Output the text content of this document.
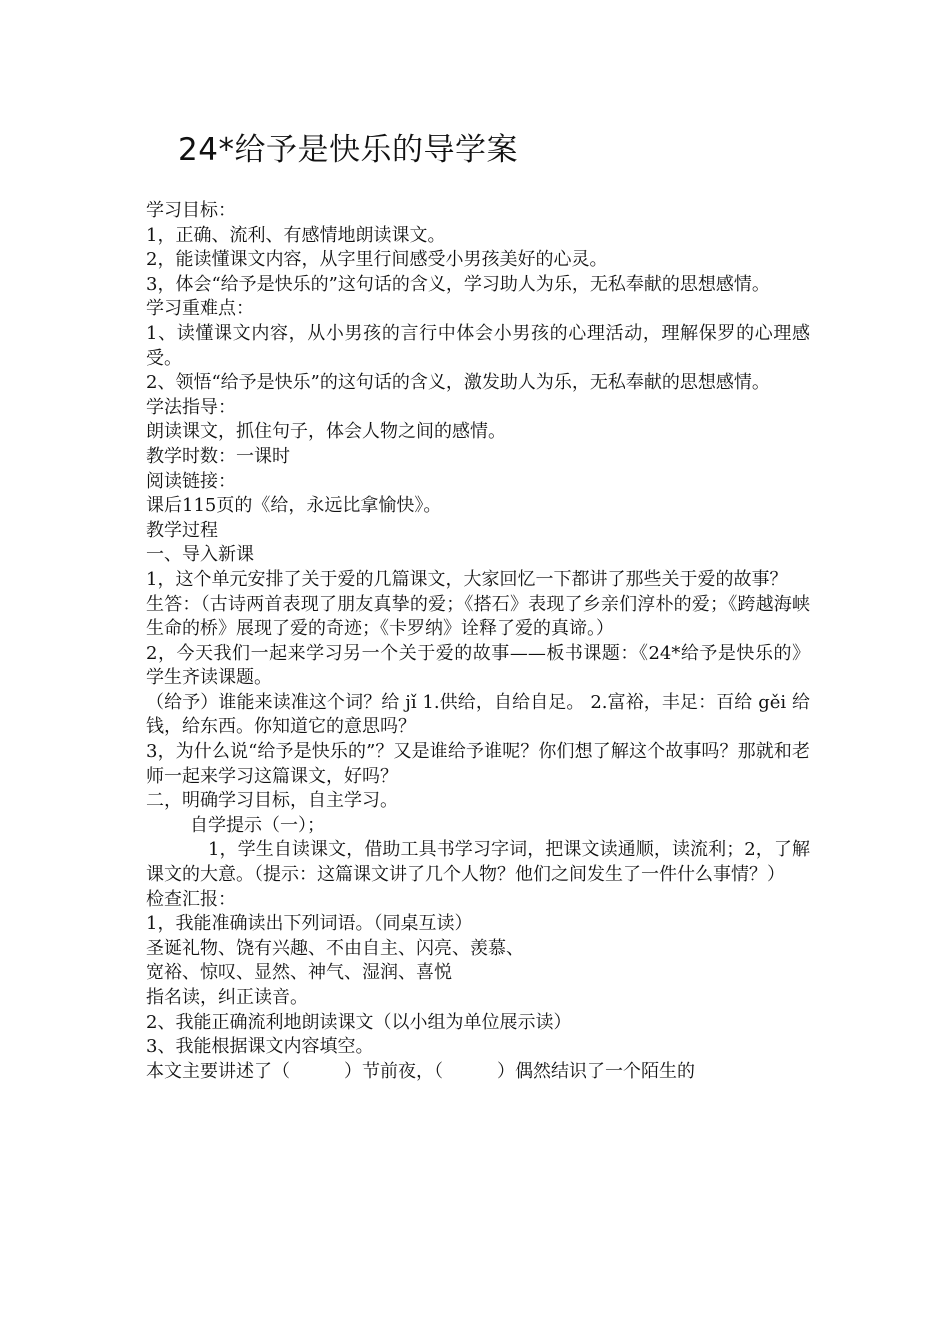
24*给予是快乐的导学案

学习目标：

1，正确、流利、有感情地朗读课文。

2，能读懂课文内容，从字里行间感受小男孩美好的心灵。

3，体会“给予是快乐的”这句话的含义，学习助人为乐，无私奉献的思想感情。

学习重难点：

1、读懂课文内容，从小男孩的言行中体会小男孩的心理活动，理解保罗的心理感受。

2、领悟“给予是快乐”的这句话的含义，激发助人为乐，无私奉献的思想感情。

学法指导：

朗读课文，抓住句子，体会人物之间的感情。

教学时数：一课时

阅读链接：

课后115页的《给，永远比拿愉快》。

教学过程

一、导入新课

1，这个单元安排了关于爱的几篇课文，大家回忆一下都讲了那些关于爱的故事？

生答：（古诗两首表现了朋友真挚的爱；《搭石》表现了乡亲们淳朴的爱；《跨越海峡生命的桥》展现了爱的奇迹；《卡罗纳》诠释了爱的真谛。）

2，今天我们一起来学习另一个关于爱的故事——板书课题：《24*给予是快乐的》学生齐读课题。

（给予）谁能来读准这个词？给 jǐ 1.供给，自给自足。 2.富裕，丰足：百给 gěi 给钱，给东西。你知道它的意思吗？

3，为什么说“给予是快乐的”？又是谁给予谁呢？你们想了解这个故事吗？那就和老师一起来学习这篇课文，好吗？

二，明确学习目标，自主学习。

自学提示（一）；

1，学生自读课文，借助工具书学习字词，把课文读通顺，读流利；2，了解课文的大意。（提示：这篇课文讲了几个人物？他们之间发生了一件什么事情？）

检查汇报：

1，我能准确读出下列词语。（同桌互读）

圣诞礼物、饶有兴趣、不由自主、闪亮、羡慕、

宽裕、惊叹、显然、神气、湿润、喜悦

指名读，纠正读音。

2、我能正确流利地朗读课文（以小组为单位展示读）

3、我能根据课文内容填空。

本文主要讲述了（　　　）节前夜，（　　　）偶然结识了一个陌生的
